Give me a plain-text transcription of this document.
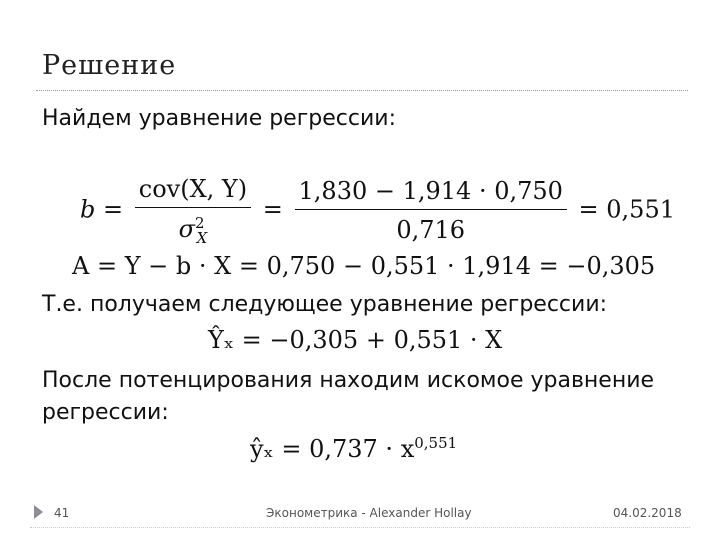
Решение
Найдем уравнение регрессии:
$b = \frac{\text{cov(X, Y)}}{\sigma^2_X} = \frac{1,830 - 1,914 \cdot 0,750}{0,716} = 0,551$
A = Y − b · X = 0,750 − 0,551 · 1,914 = −0,305
Т.е. получаем следующее уравнение регрессии:
Ŷₓ = −0,305 + 0,551 · X
После потенцирования находим искомое уравнение
регрессии:
ŷₓ = $0,737 \cdot x^{0,551}$
41	Эконометрика - Alexander Hollay	04.02.2018
